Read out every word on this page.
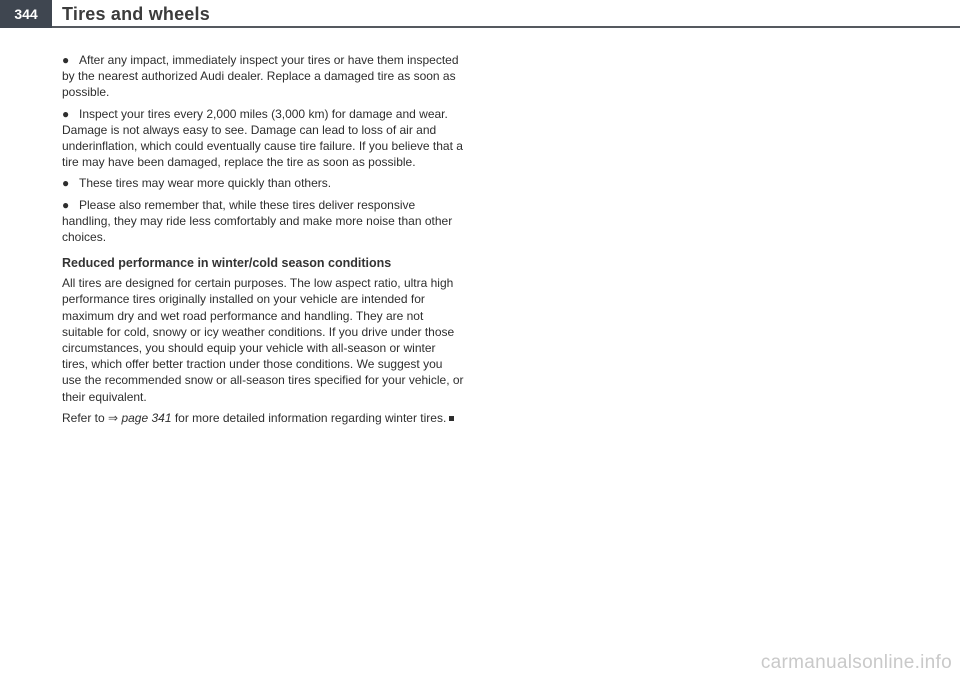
344	Tires and wheels

● After any impact, immediately inspect your tires or have them inspected by the nearest authorized Audi dealer. Replace a damaged tire as soon as possible.

● Inspect your tires every 2,000 miles (3,000 km) for damage and wear. Damage is not always easy to see. Damage can lead to loss of air and underinflation, which could eventually cause tire failure. If you believe that a tire may have been damaged, replace the tire as soon as possible.

● These tires may wear more quickly than others.

● Please also remember that, while these tires deliver responsive handling, they may ride less comfortably and make more noise than other choices.

Reduced performance in winter/cold season conditions

All tires are designed for certain purposes. The low aspect ratio, ultra high performance tires originally installed on your vehicle are intended for maximum dry and wet road performance and handling. They are not suitable for cold, snowy or icy weather conditions. If you drive under those circumstances, you should equip your vehicle with all-season or winter tires, which offer better traction under those conditions. We suggest you use the recommended snow or all-season tires specified for your vehicle, or their equivalent.

Refer to ⇒ page 341 for more detailed information regarding winter tires.

carmanualsonline.info
